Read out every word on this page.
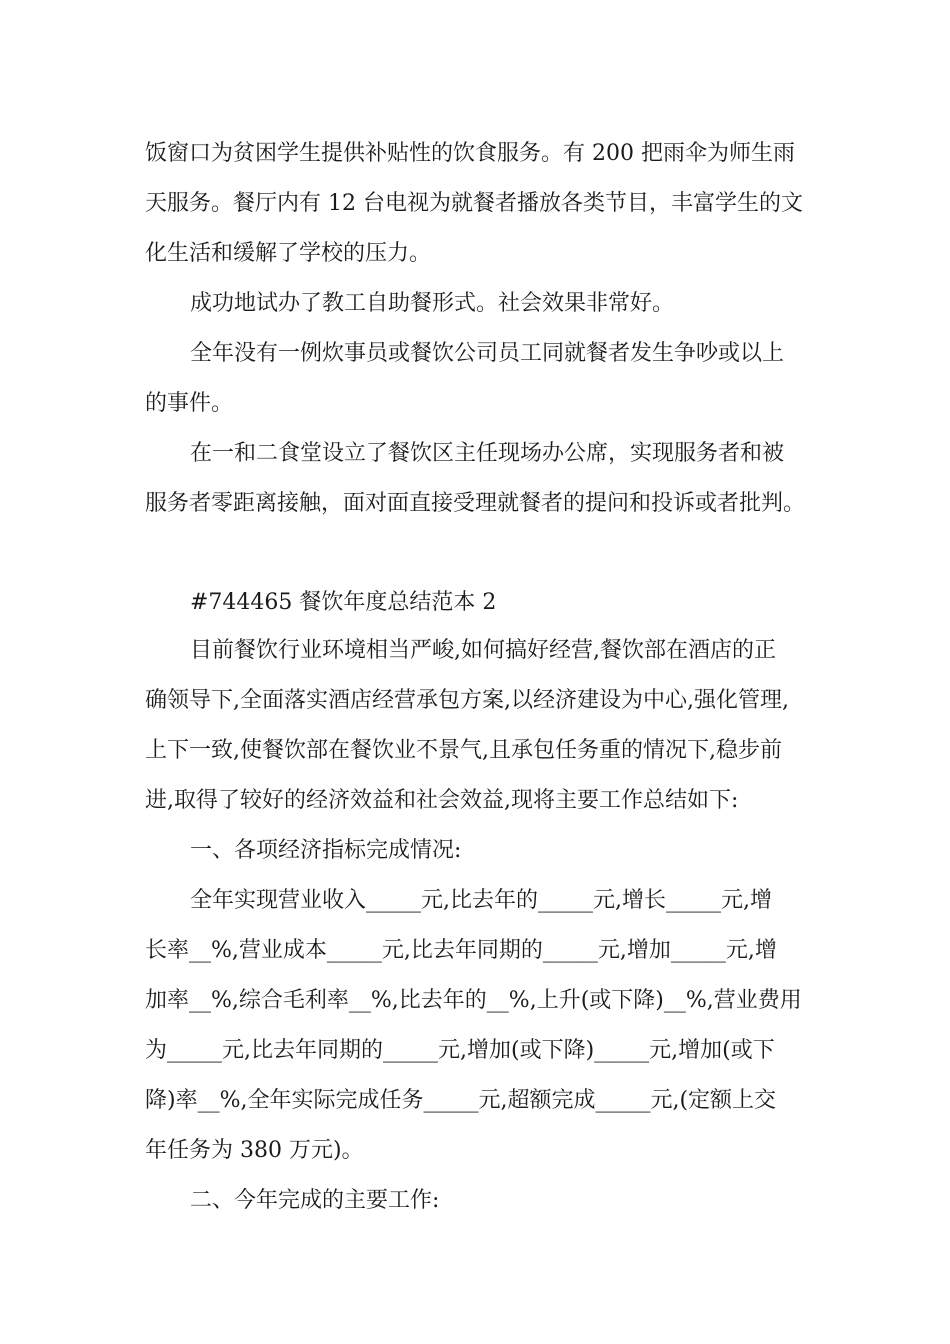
饭窗口为贫困学生提供补贴性的饮食服务。有 200 把雨伞为师生雨
天服务。餐厅内有 12 台电视为就餐者播放各类节目，丰富学生的文
化生活和缓解了学校的压力。
成功地试办了教工自助餐形式。社会效果非常好。
全年没有一例炊事员或餐饮公司员工同就餐者发生争吵或以上
的事件。
在一和二食堂设立了餐饮区主任现场办公席，实现服务者和被
服务者零距离接触，面对面直接受理就餐者的提问和投诉或者批判。
#744465 餐饮年度总结范本 2
目前餐饮行业环境相当严峻,如何搞好经营,餐饮部在酒店的正
确领导下,全面落实酒店经营承包方案,以经济建设为中心,强化管理,
上下一致,使餐饮部在餐饮业不景气,且承包任务重的情况下,稳步前
进,取得了较好的经济效益和社会效益,现将主要工作总结如下:
一、各项经济指标完成情况:
全年实现营业收入_____元,比去年的_____元,增长_____元,增
长率__%,营业成本_____元,比去年同期的_____元,增加_____元,增
加率__%,综合毛利率__%,比去年的__%,上升(或下降)__%,营业费用
为_____元,比去年同期的_____元,增加(或下降)_____元,增加(或下
降)率__%,全年实际完成任务_____元,超额完成_____元,(定额上交
年任务为 380 万元)。
二、今年完成的主要工作:
